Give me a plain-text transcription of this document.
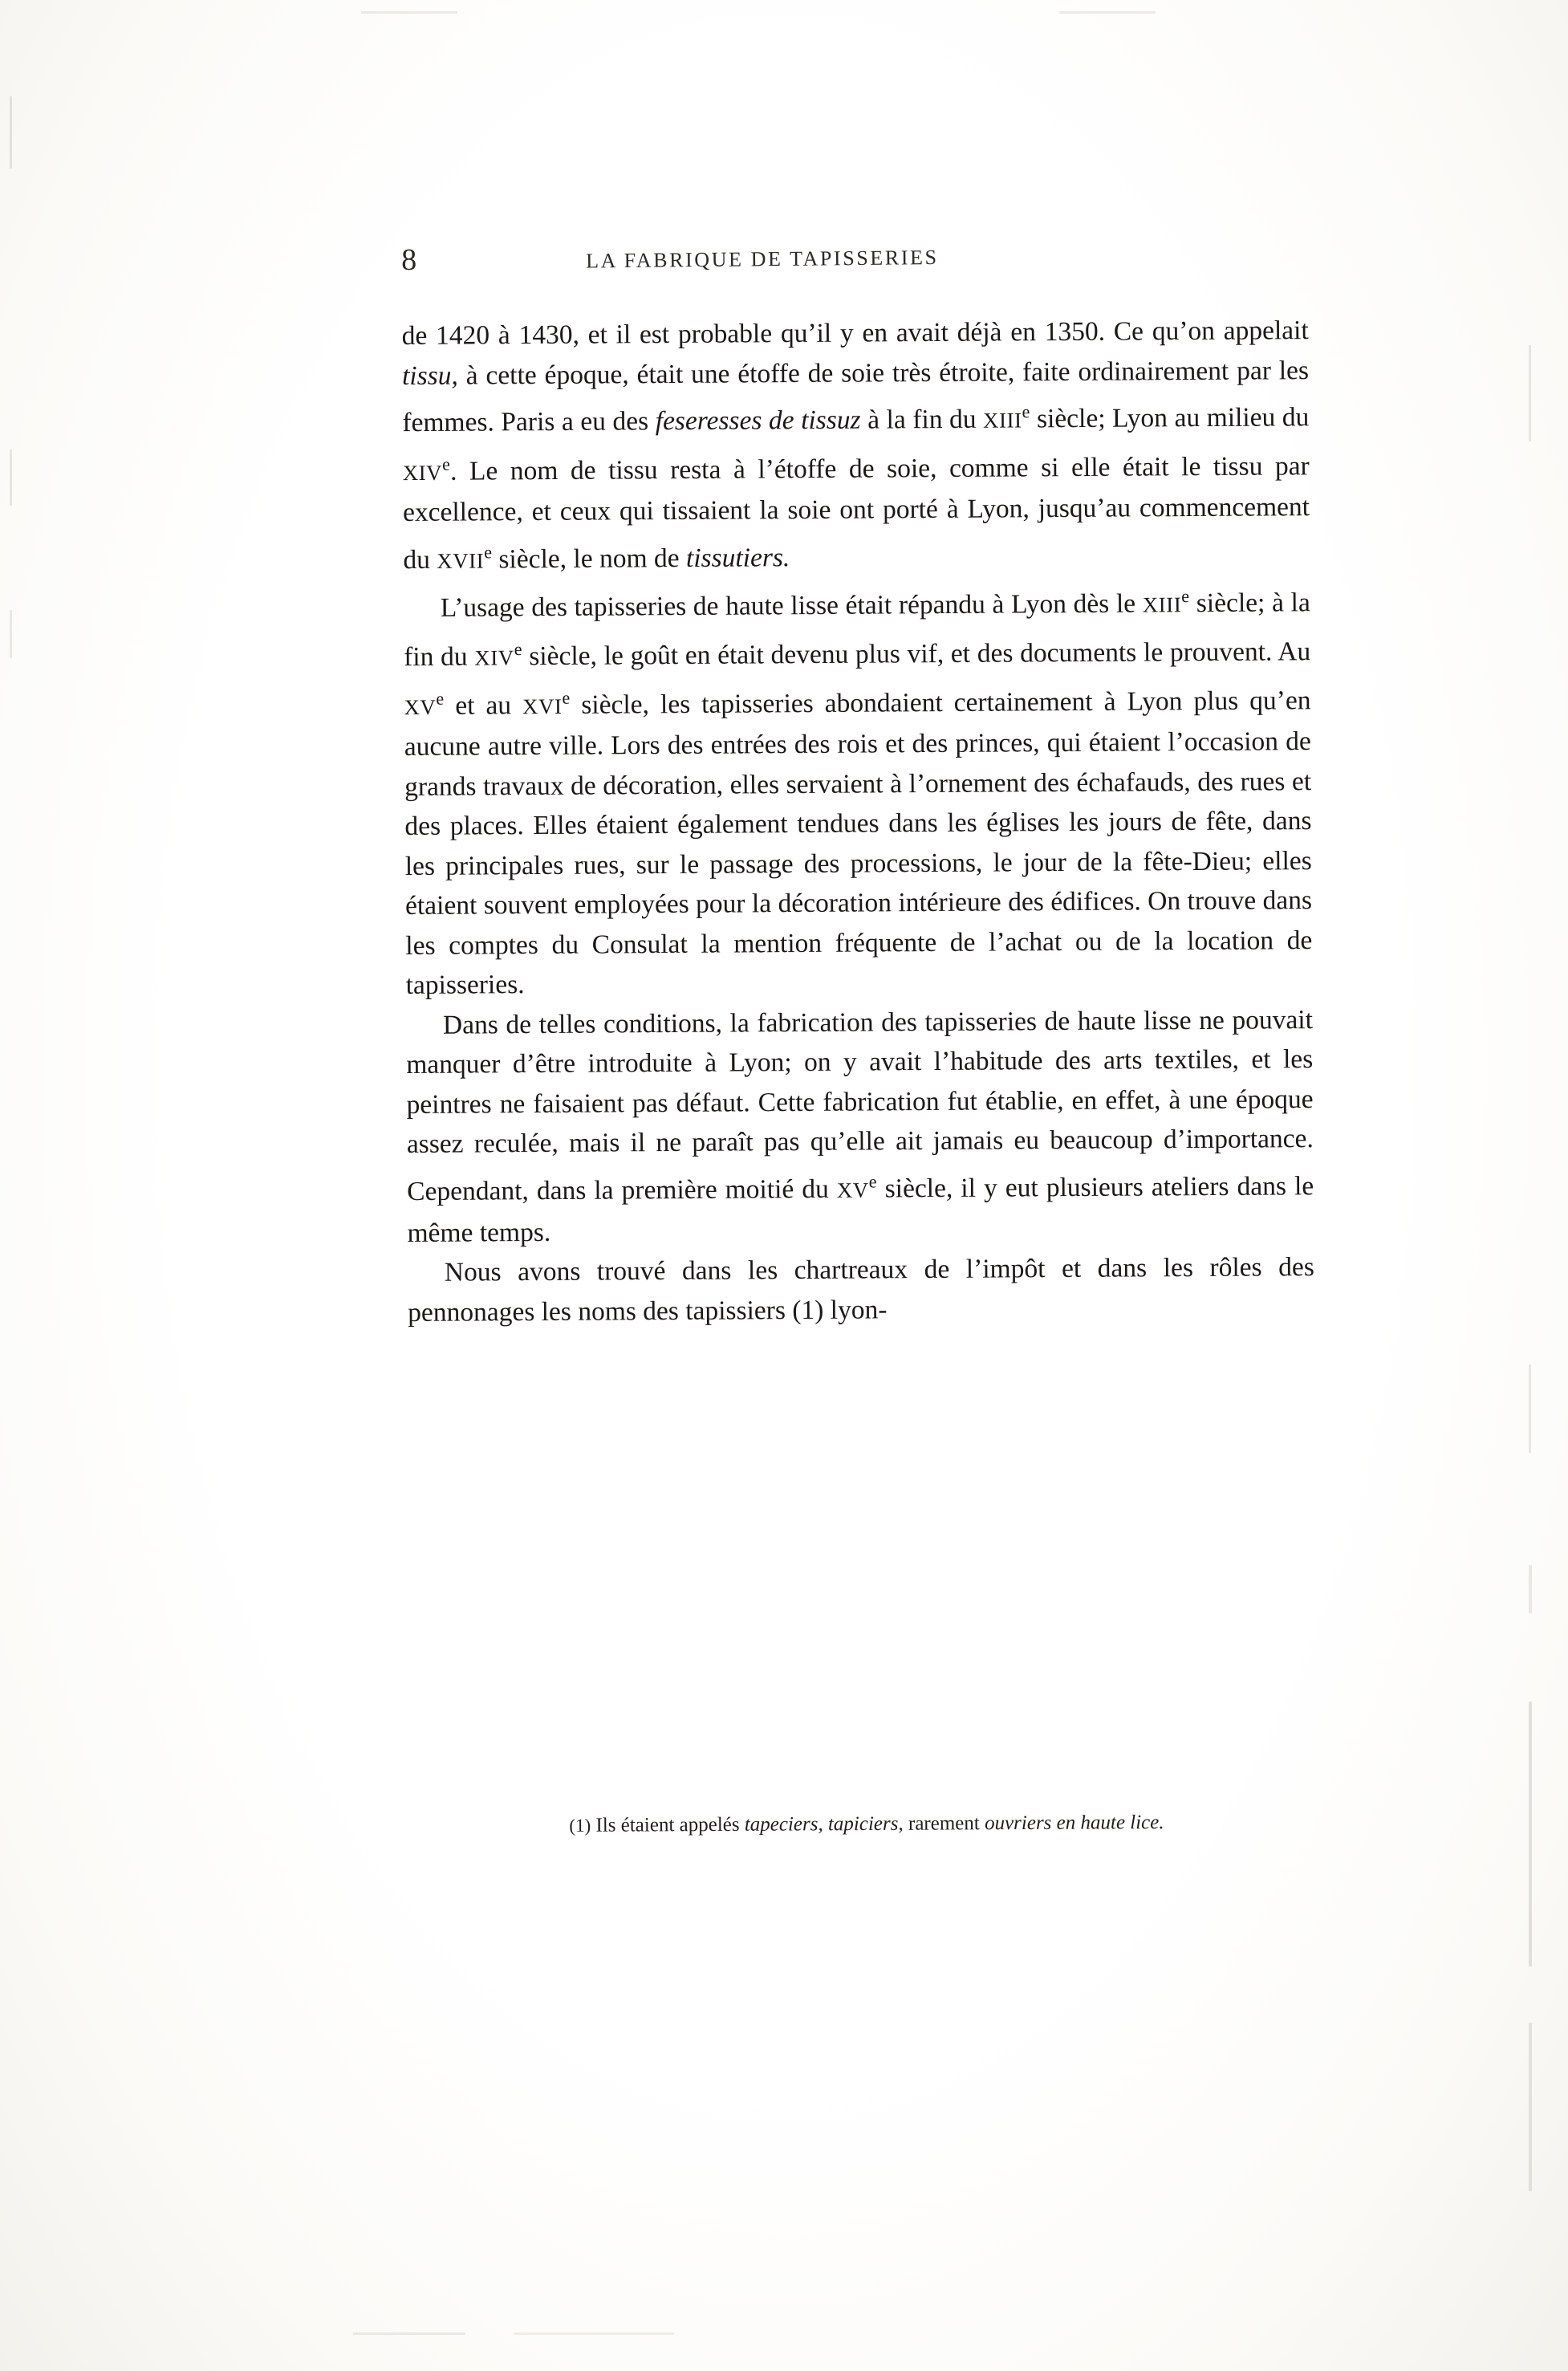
8	LA FABRIQUE DE TAPISSERIES

de 1420 à 1430, et il est probable qu’il y en avait déjà en 1350. Ce qu’on appelait tissu, à cette époque, était une étoffe de soie très étroite, faite ordinairement par les femmes. Paris a eu des feseresses de tissuz à la fin du XIIIe siècle; Lyon au milieu du XIVe. Le nom de tissu resta à l’étoffe de soie, comme si elle était le tissu par excellence, et ceux qui tissaient la soie ont porté à Lyon, jusqu’au commencement du XVIIe siècle, le nom de tissutiers.

L’usage des tapisseries de haute lisse était répandu à Lyon dès le XIIIe siècle; à la fin du XIVe siècle, le goût en était devenu plus vif, et des documents le prouvent. Au XVe et au XVIe siècle, les tapisseries abondaient certainement à Lyon plus qu’en aucune autre ville. Lors des entrées des rois et des princes, qui étaient l’occasion de grands travaux de décoration, elles servaient à l’ornement des échafauds, des rues et des places. Elles étaient également tendues dans les églises les jours de fête, dans les principales rues, sur le passage des processions, le jour de la fête-Dieu; elles étaient souvent employées pour la décoration intérieure des édifices. On trouve dans les comptes du Consulat la mention fréquente de l’achat ou de la location de tapisseries.

Dans de telles conditions, la fabrication des tapisseries de haute lisse ne pouvait manquer d’être introduite à Lyon; on y avait l’habitude des arts textiles, et les peintres ne faisaient pas défaut. Cette fabrication fut établie, en effet, à une époque assez reculée, mais il ne paraît pas qu’elle ait jamais eu beaucoup d’importance. Cependant, dans la première moitié du XVe siècle, il y eut plusieurs ateliers dans le même temps.

Nous avons trouvé dans les chartreaux de l’impôt et dans les rôles des pennonages les noms des tapissiers (1) lyon-

(1) Ils étaient appelés tapeciers, tapiciers, rarement ouvriers en haute lice.
